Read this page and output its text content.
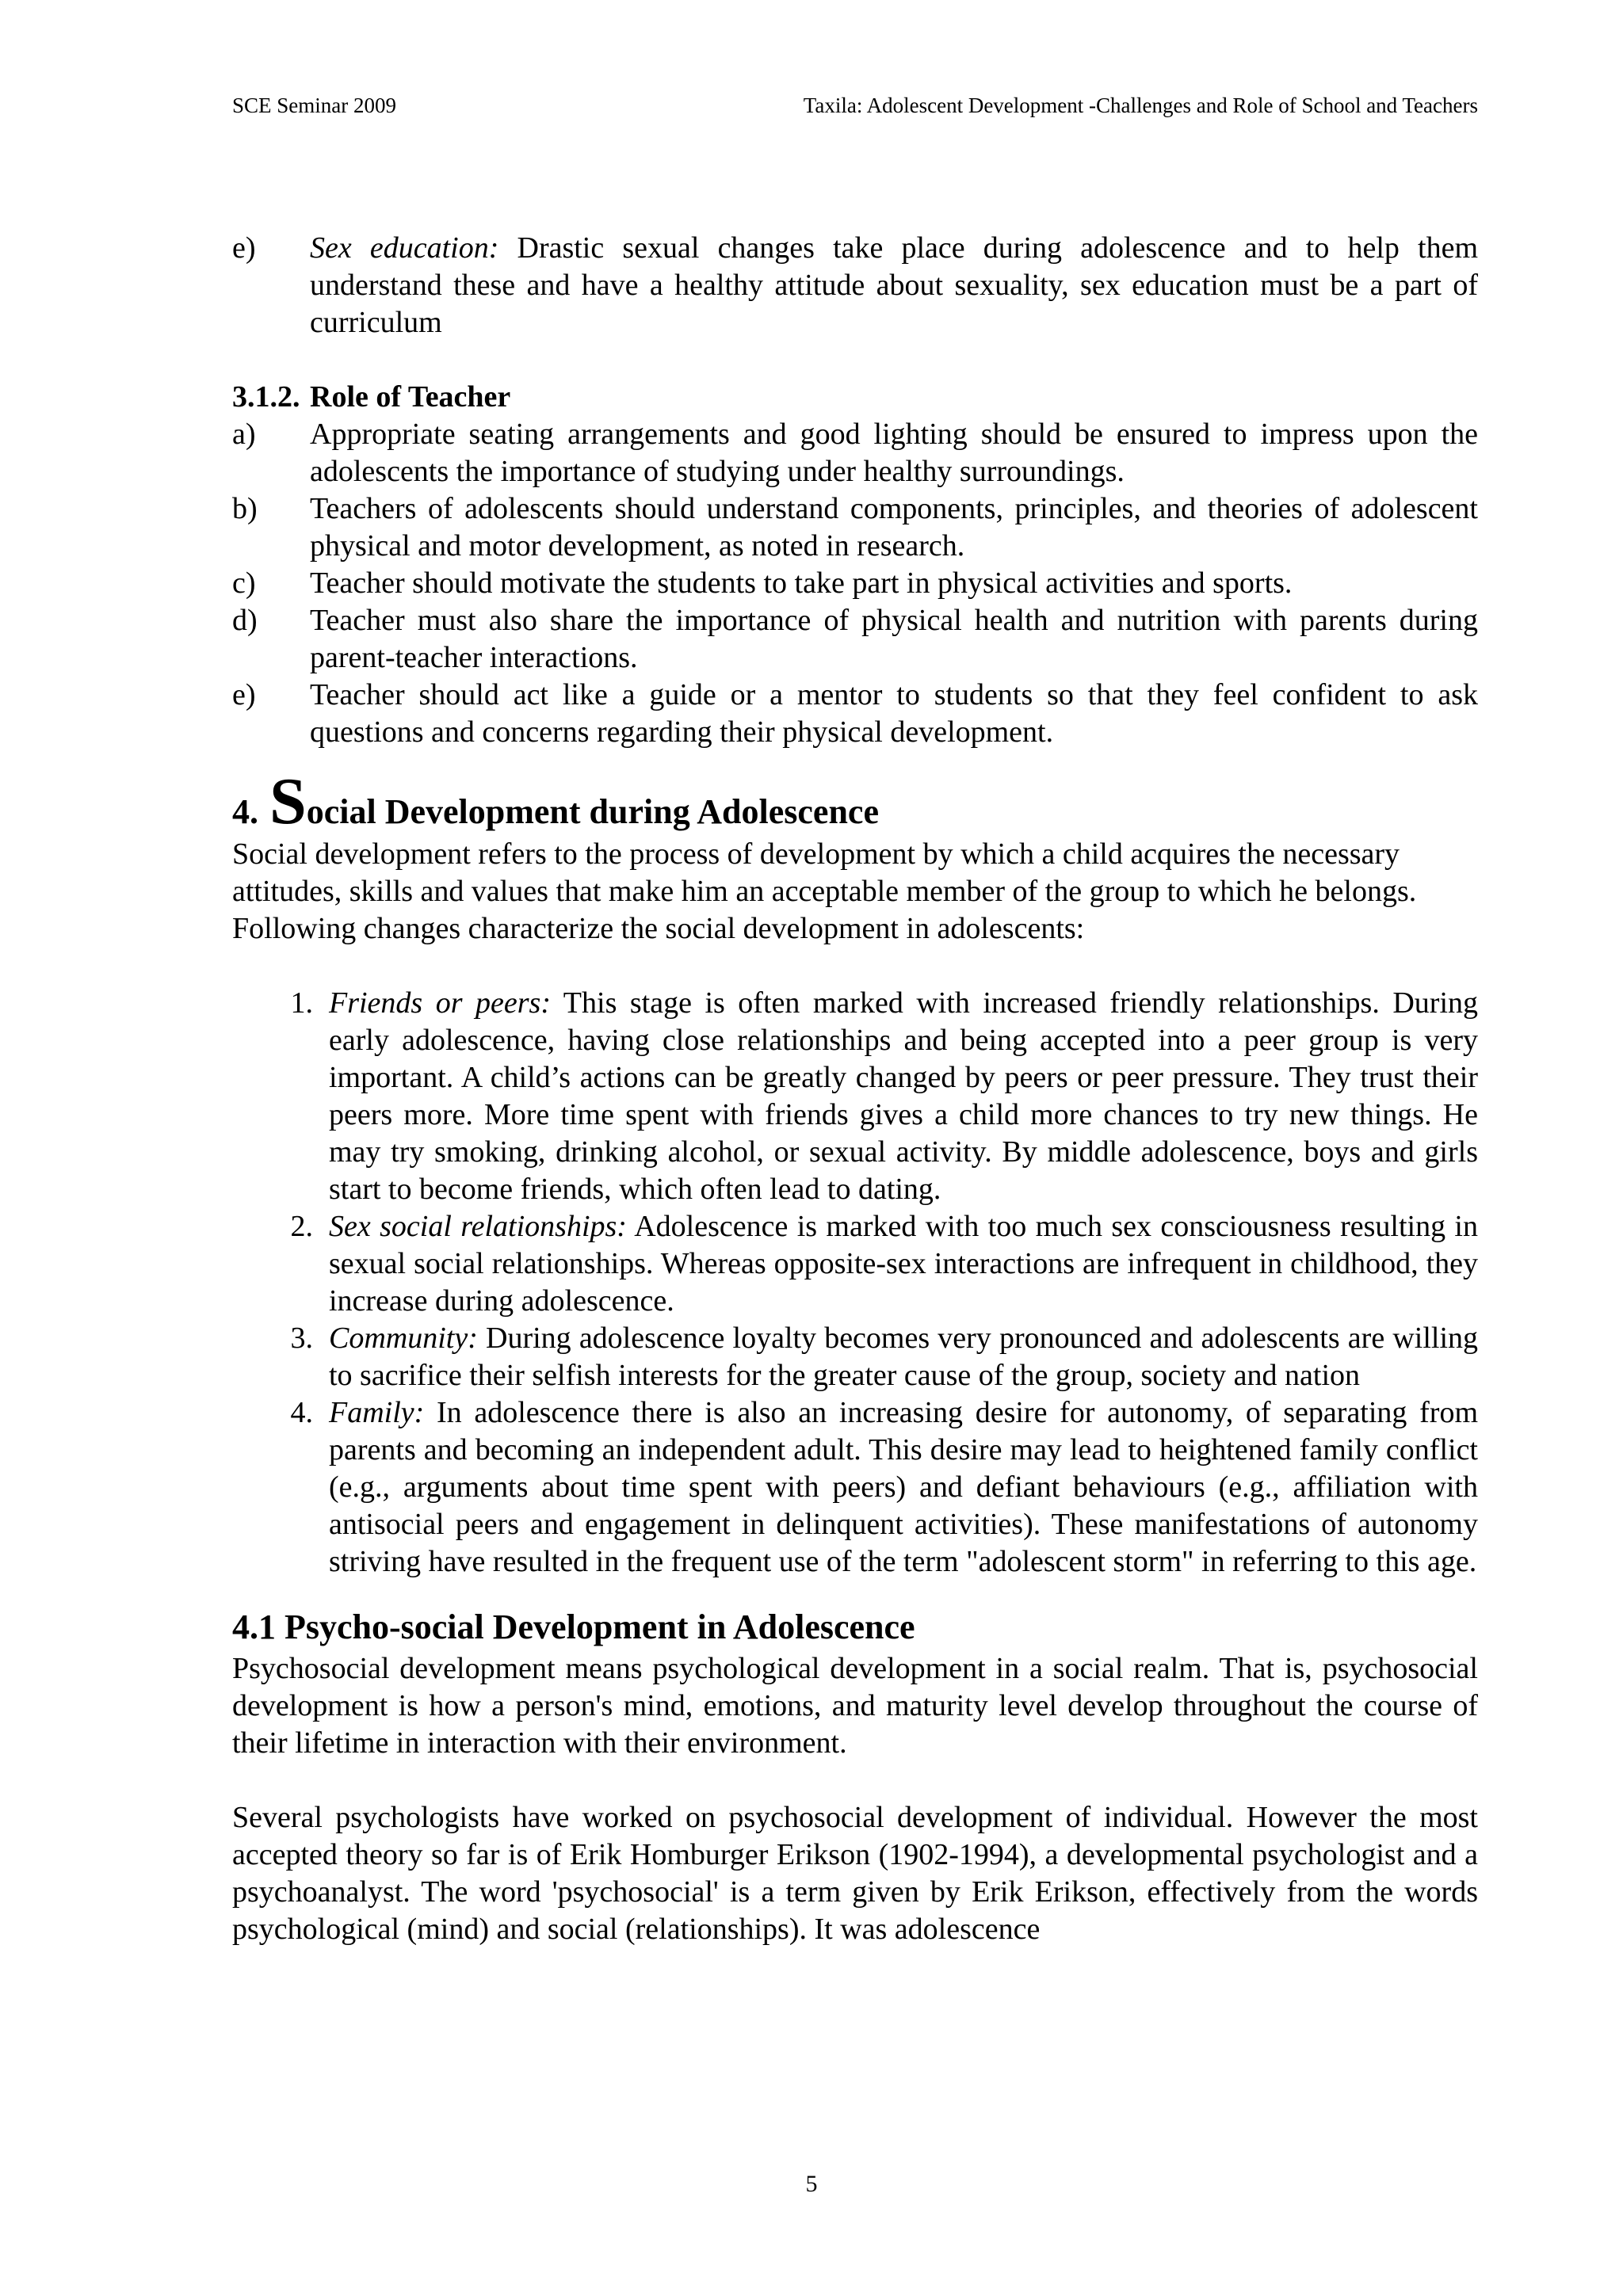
SCE Seminar 2009	Taxila: Adolescent Development -Challenges and Role of School and Teachers
e)	Sex education: Drastic sexual changes take place during adolescence and to help them understand these and have a healthy attitude about sexuality, sex education must be a part of curriculum
3.1.2. Role of Teacher
a)	Appropriate seating arrangements and good lighting should be ensured to impress upon the adolescents the importance of studying under healthy surroundings.
b)	Teachers of adolescents should understand components, principles, and theories of adolescent physical and motor development, as noted in research.
c)	Teacher should motivate the students to take part in physical activities and sports.
d)	Teacher must also share the importance of physical health and nutrition with parents during parent-teacher interactions.
e)	Teacher should act like a guide or a mentor to students so that they feel confident to ask questions and concerns regarding their physical development.
4. Social Development during Adolescence

Social development refers to the process of development by which a child acquires the necessary attitudes, skills and values that make him an acceptable member of the group to which he belongs. Following changes characterize the social development in adolescents:

1. Friends or peers: This stage is often marked with increased friendly relationships. During early adolescence, having close relationships and being accepted into a peer group is very important. A child’s actions can be greatly changed by peers or peer pressure. They trust their peers more. More time spent with friends gives a child more chances to try new things. He may try smoking, drinking alcohol, or sexual activity. By middle adolescence, boys and girls start to become friends, which often lead to dating.
2. Sex social relationships: Adolescence is marked with too much sex consciousness resulting in sexual social relationships. Whereas opposite-sex interactions are infrequent in childhood, they increase during adolescence.
3. Community: During adolescence loyalty becomes very pronounced and adolescents are willing to sacrifice their selfish interests for the greater cause of the group, society and nation
4. Family: In adolescence there is also an increasing desire for autonomy, of separating from parents and becoming an independent adult. This desire may lead to heightened family conflict (e.g., arguments about time spent with peers) and defiant behaviours (e.g., affiliation with antisocial peers and engagement in delinquent activities). These manifestations of autonomy striving have resulted in the frequent use of the term "adolescent storm" in referring to this age.
4.1 Psycho-social Development in Adolescence

Psychosocial development means psychological development in a social realm. That is, psychosocial development is how a person's mind, emotions, and maturity level develop throughout the course of their lifetime in interaction with their environment.

Several psychologists have worked on psychosocial development of individual. However the most accepted theory so far is of Erik Homburger Erikson (1902-1994), a developmental psychologist and a psychoanalyst. The word 'psychosocial' is a term given by Erik Erikson, effectively from the words psychological (mind) and social (relationships). It was adolescence

5
